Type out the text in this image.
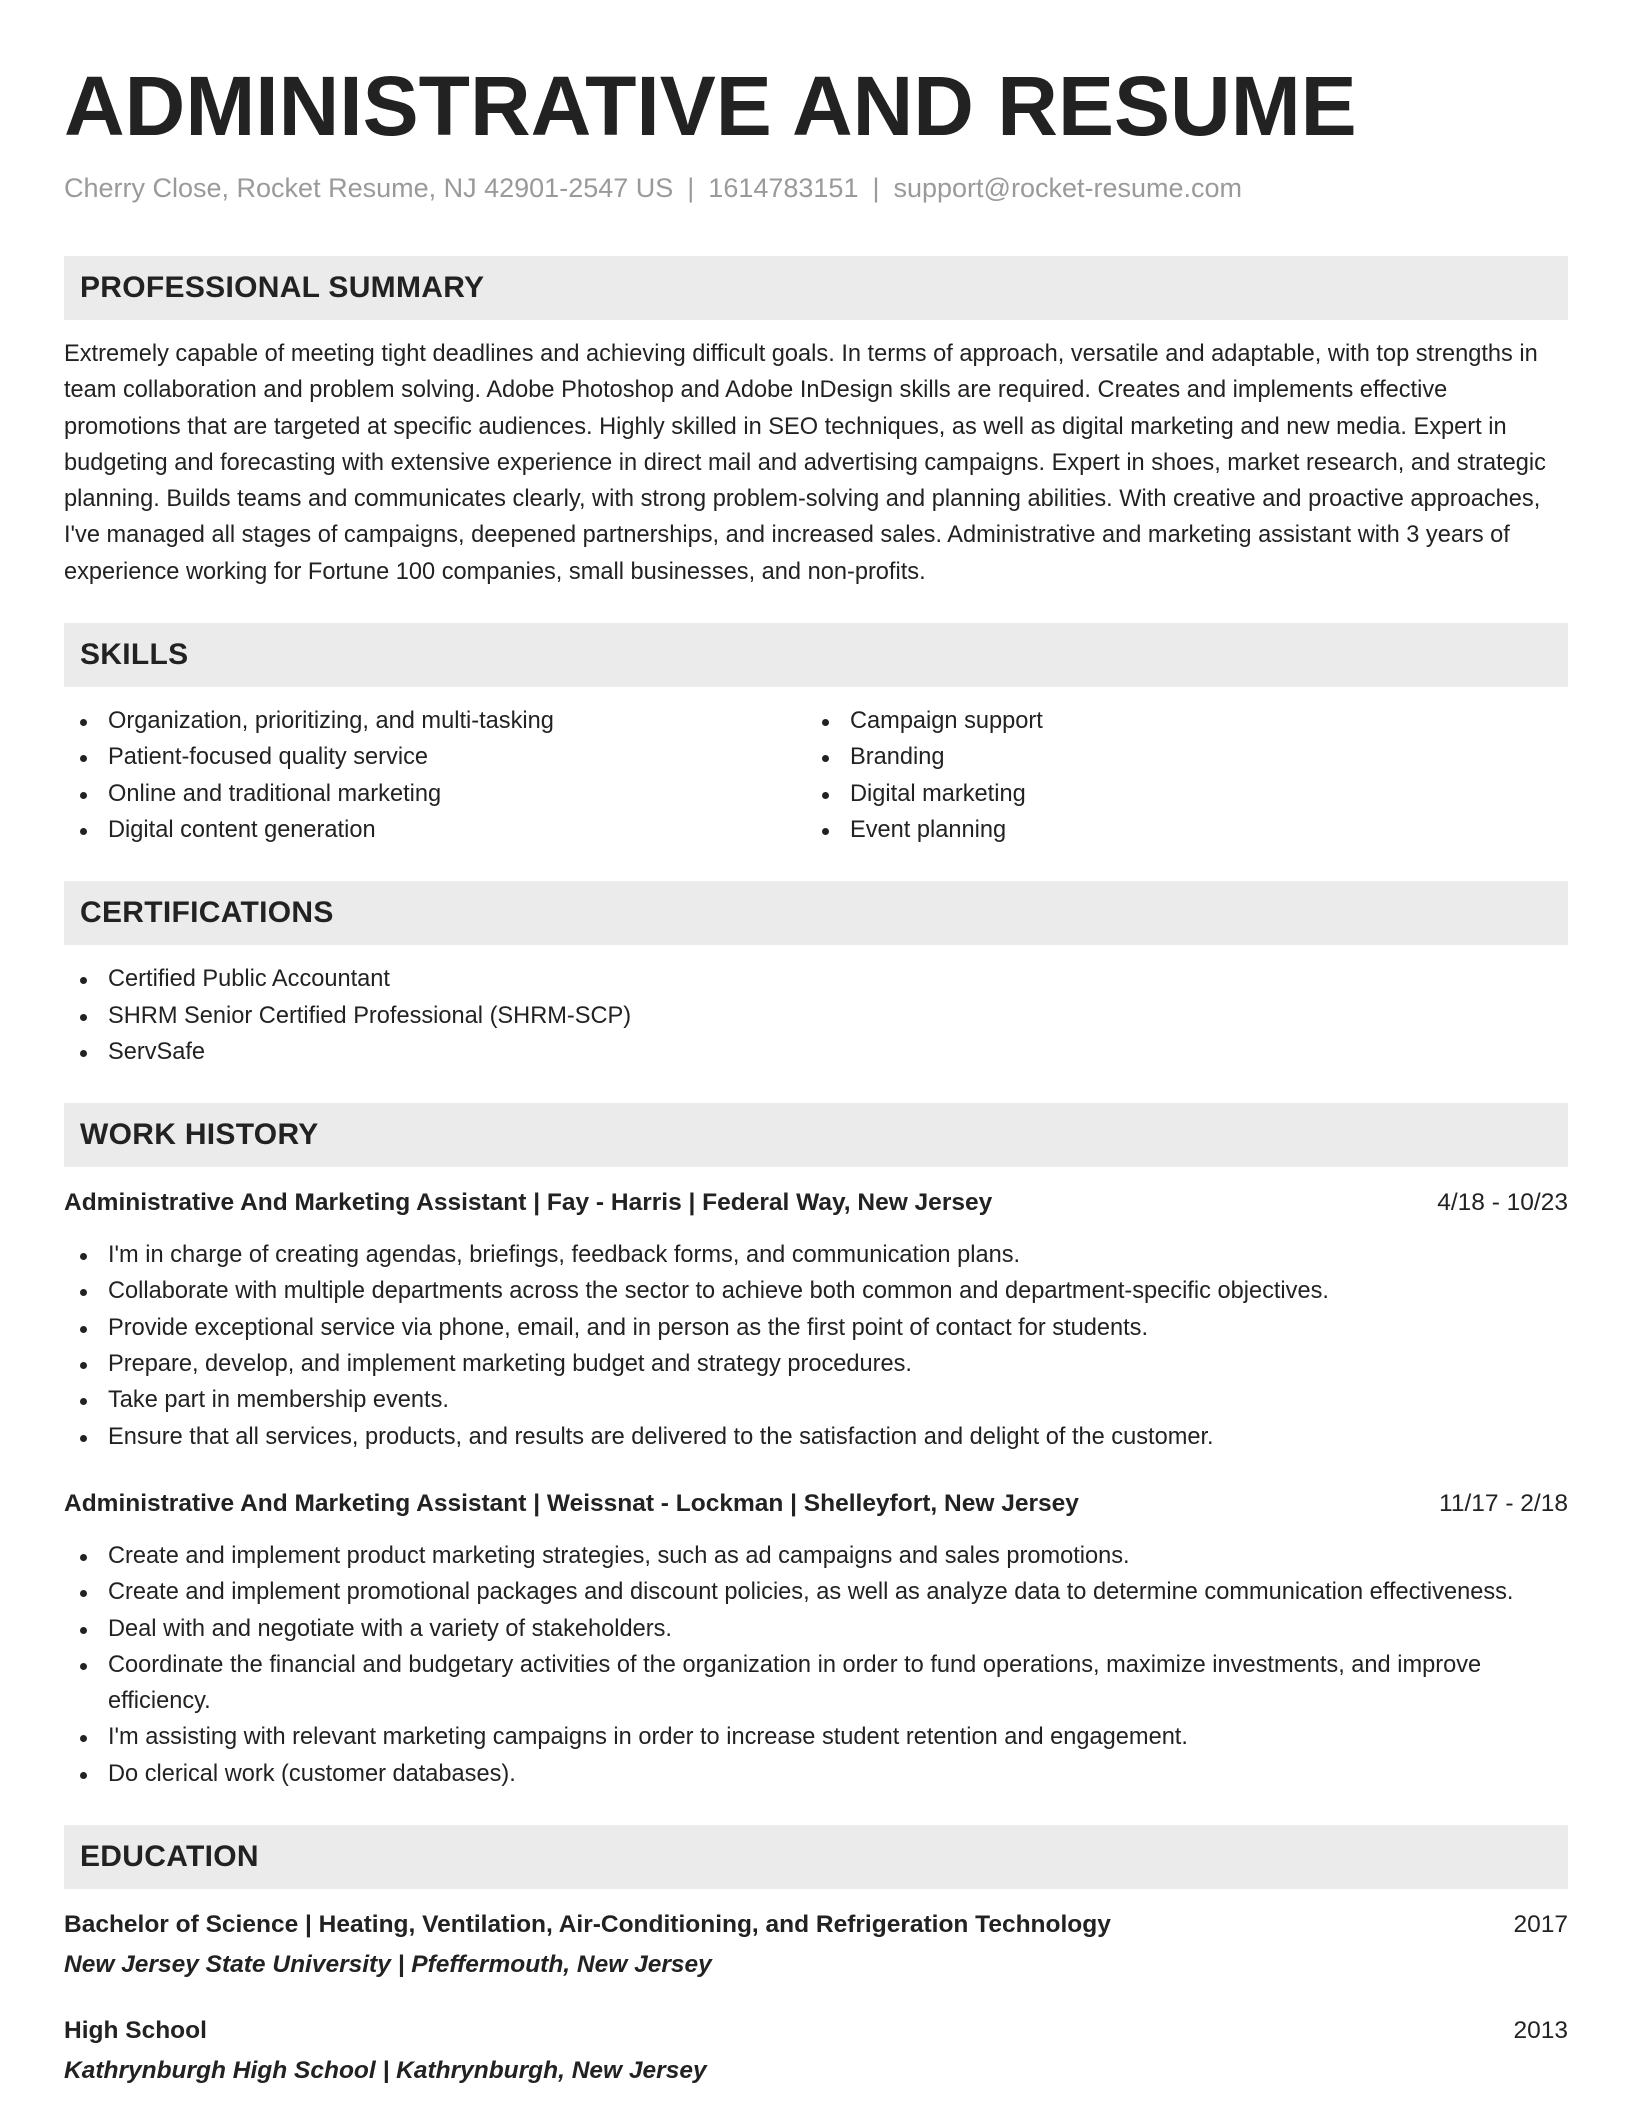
ADMINISTRATIVE AND RESUME
Cherry Close, Rocket Resume, NJ 42901-2547 US | 1614783151 | support@rocket-resume.com
PROFESSIONAL SUMMARY

Extremely capable of meeting tight deadlines and achieving difficult goals. In terms of approach, versatile and adaptable, with top strengths in team collaboration and problem solving. Adobe Photoshop and Adobe InDesign skills are required. Creates and implements effective promotions that are targeted at specific audiences. Highly skilled in SEO techniques, as well as digital marketing and new media. Expert in budgeting and forecasting with extensive experience in direct mail and advertising campaigns. Expert in shoes, market research, and strategic planning. Builds teams and communicates clearly, with strong problem-solving and planning abilities. With creative and proactive approaches, I've managed all stages of campaigns, deepened partnerships, and increased sales. Administrative and marketing assistant with 3 years of experience working for Fortune 100 companies, small businesses, and non-profits.

SKILLS
Organization, prioritizing, and multi-tasking
Patient-focused quality service
Online and traditional marketing
Digital content generation
Campaign support
Branding
Digital marketing
Event planning
CERTIFICATIONS
Certified Public Accountant
SHRM Senior Certified Professional (SHRM-SCP)
ServSafe
WORK HISTORY
Administrative And Marketing Assistant | Fay - Harris | Federal Way, New Jersey	4/18 - 10/23
I'm in charge of creating agendas, briefings, feedback forms, and communication plans.
Collaborate with multiple departments across the sector to achieve both common and department-specific objectives.
Provide exceptional service via phone, email, and in person as the first point of contact for students.
Prepare, develop, and implement marketing budget and strategy procedures.
Take part in membership events.
Ensure that all services, products, and results are delivered to the satisfaction and delight of the customer.
Administrative And Marketing Assistant | Weissnat - Lockman | Shelleyfort, New Jersey	11/17 - 2/18
Create and implement product marketing strategies, such as ad campaigns and sales promotions.
Create and implement promotional packages and discount policies, as well as analyze data to determine communication effectiveness.
Deal with and negotiate with a variety of stakeholders.
Coordinate the financial and budgetary activities of the organization in order to fund operations, maximize investments, and improve efficiency.
I'm assisting with relevant marketing campaigns in order to increase student retention and engagement.
Do clerical work (customer databases).
EDUCATION
Bachelor of Science | Heating, Ventilation, Air-Conditioning, and Refrigeration Technology	2017
New Jersey State University | Pfeffermouth, New Jersey
High School	2013
Kathrynburgh High School | Kathrynburgh, New Jersey
